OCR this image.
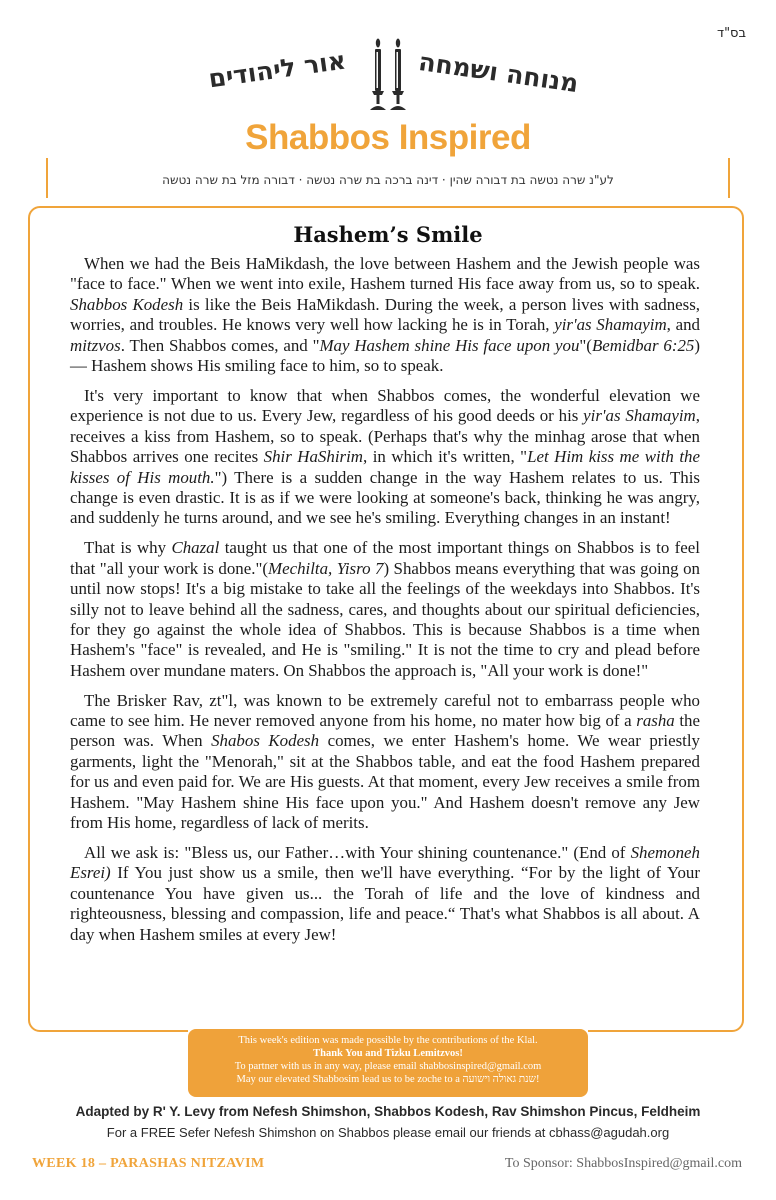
בס"ד
אור ליהודים	מנוחה ושמחה
Shabbos Inspired
לע"נ שרה נטשה בת דבורה שהין · דינה ברכה בת שרה נטשה · דבורה מזל בת שרה נטשה
Hashem’s Smile

When we had the Beis HaMikdash, the love between Hashem and the Jewish people was "face to face." When we went into exile, Hashem turned His face away from us, so to speak. Shabbos Kodesh is like the Beis HaMikdash. During the week, a person lives with sadness, worries, and troubles. He knows very well how lacking he is in Torah, yir'as Shamayim, and mitzvos. Then Shabbos comes, and "May Hashem shine His face upon you"(Bemidbar 6:25) — Hashem shows His smiling face to him, so to speak.

It's very important to know that when Shabbos comes, the wonderful elevation we experience is not due to us. Every Jew, regardless of his good deeds or his yir'as Shamayim, receives a kiss from Hashem, so to speak. (Perhaps that's why the minhag arose that when Shabbos arrives one recites Shir HaShirim, in which it's written, "Let Him kiss me with the kisses of His mouth.") There is a sudden change in the way Hashem relates to us. This change is even drastic. It is as if we were looking at someone's back, thinking he was angry, and suddenly he turns around, and we see he's smiling. Everything changes in an instant!

That is why Chazal taught us that one of the most important things on Shabbos is to feel that "all your work is done."(Mechilta, Yisro 7) Shabbos means everything that was going on until now stops! It's a big mistake to take all the feelings of the weekdays into Shabbos. It's silly not to leave behind all the sadness, cares, and thoughts about our spiritual deficiencies, for they go against the whole idea of Shabbos. This is because Shabbos is a time when Hashem's "face" is revealed, and He is "smiling." It is not the time to cry and plead before Hashem over mundane maters. On Shabbos the approach is, "All your work is done!"

The Brisker Rav, zt"l, was known to be extremely careful not to embarrass people who came to see him. He never removed anyone from his home, no mater how big of a rasha the person was. When Shabos Kodesh comes, we enter Hashem's home. We wear priestly garments, light the "Menorah," sit at the Shabbos table, and eat the food Hashem prepared for us and even paid for. We are His guests. At that moment, every Jew receives a smile from Hashem. "May Hashem shine His face upon you." And Hashem doesn't remove any Jew from His home, regardless of lack of merits.

All we ask is: "Bless us, our Father…with Your shining countenance." (End of Shemoneh Esrei) If You just show us a smile, then we'll have everything. “For by the light of Your countenance You have given us... the Torah of life and the love of kindness and righteousness, blessing and compassion, life and peace.“ That's what Shabbos is all about. A day when Hashem smiles at every Jew!

This week's edition was made possible by the contributions of the Klal.
Thank You and Tizku Lemitzvos!
To partner with us in any way, please email shabbosinspired@gmail.com
May our elevated Shabbosim lead us to be zoche to a שנת גאולה וישועה!
Adapted by R' Y. Levy from Nefesh Shimshon, Shabbos Kodesh, Rav Shimshon Pincus, Feldheim
For a FREE Sefer Nefesh Shimshon on Shabbos please email our friends at cbhass@agudah.org
WEEK 18 – PARASHAS NITZAVIM	To Sponsor: ShabbosInspired@gmail.com
